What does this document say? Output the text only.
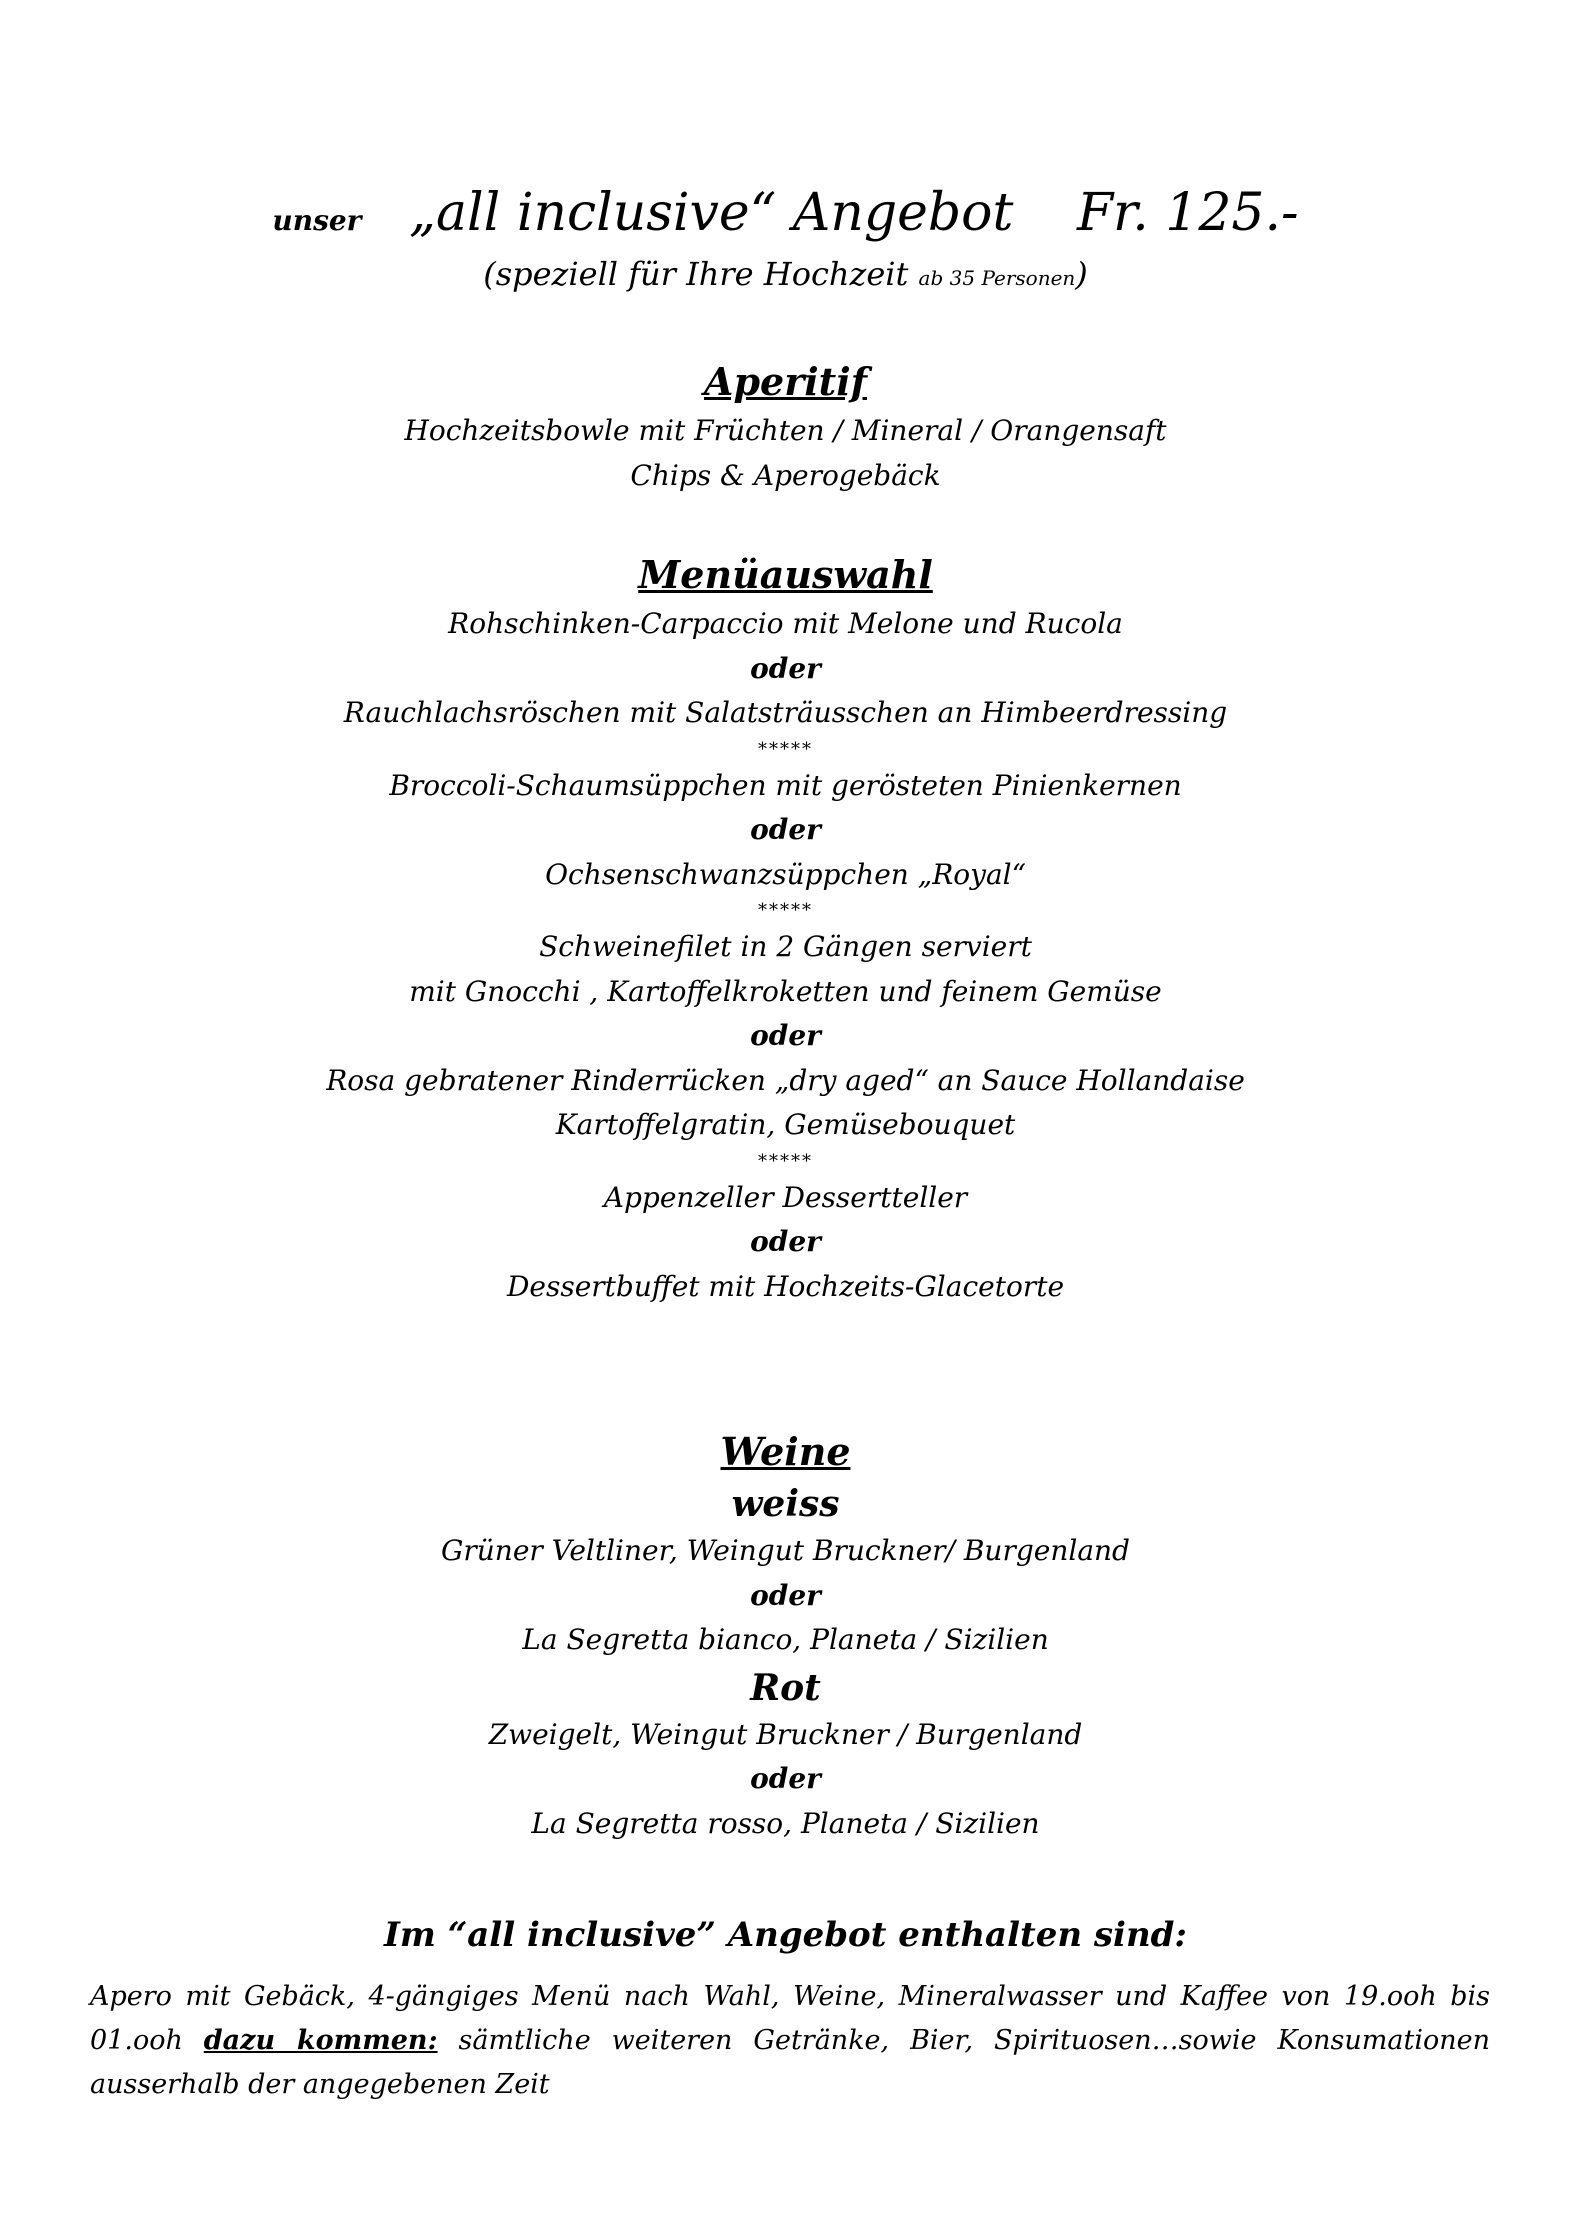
unser „all inclusive“ Angebot Fr. 125.-
(speziell für Ihre Hochzeit ab 35 Personen)
Aperitif
Hochzeitsbowle mit Früchten / Mineral / Orangensaft
Chips & Aperogebäck
Menüauswahl
Rohschinken-Carpaccio mit Melone und Rucola
oder
Rauchlachsröschen mit Salatsträusschen an Himbeerdressing
*****
Broccoli-Schaumsüppchen mit gerösteten Pinienkernen
oder
Ochsenschwanzsüppchen „Royal“
*****
Schweinefilet in 2 Gängen serviert
mit Gnocchi , Kartoffelkroketten und feinem Gemüse
oder
Rosa gebratener Rinderrücken „dry aged“ an Sauce Hollandaise
Kartoffelgratin, Gemüsebouquet
*****
Appenzeller Dessertteller
oder
Dessertbuffet mit Hochzeits-Glacetorte
Weine
weiss
Grüner Veltliner, Weingut Bruckner/ Burgenland
oder
La Segretta bianco, Planeta / Sizilien
Rot
Zweigelt, Weingut Bruckner / Burgenland
oder
La Segretta rosso, Planeta / Sizilien
Im “all inclusive” Angebot enthalten sind:
Apero mit Gebäck, 4-gängiges Menü nach Wahl, Weine, Mineralwasser und Kaffee von 19.ooh bis 01.ooh dazu kommen: sämtliche weiteren Getränke, Bier, Spirituosen…sowie Konsumationen ausserhalb der angegebenen Zeit
